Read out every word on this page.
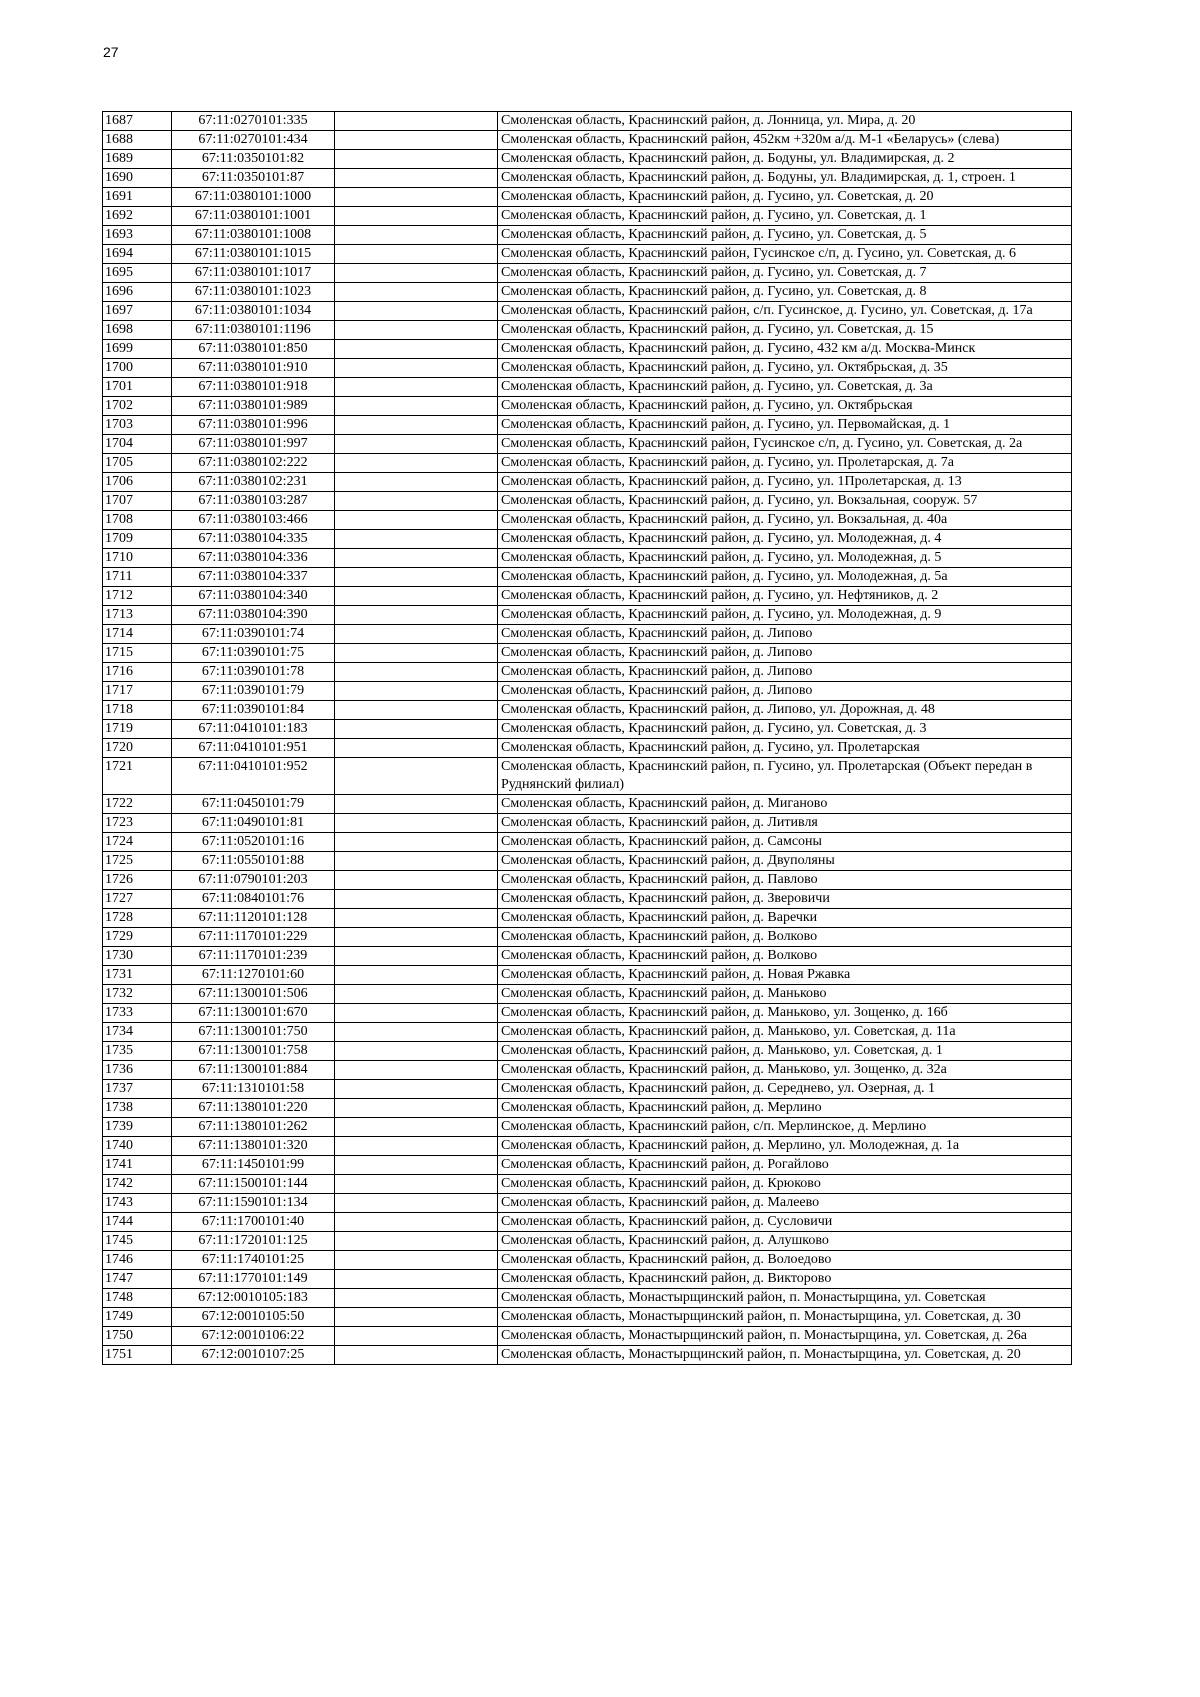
27
1687	67:11:0270101:335		Смоленская область, Краснинский район, д. Лонница, ул. Мира, д. 20
1688	67:11:0270101:434		Смоленская область, Краснинский район, 452км +320м а/д. М-1 «Беларусь» (слева)
1689	67:11:0350101:82		Смоленская область, Краснинский район, д. Бодуны, ул. Владимирская, д. 2
1690	67:11:0350101:87		Смоленская область, Краснинский район, д. Бодуны, ул. Владимирская, д. 1, строен. 1
1691	67:11:0380101:1000		Смоленская область, Краснинский район, д. Гусино, ул. Советская, д. 20
1692	67:11:0380101:1001		Смоленская область, Краснинский район, д. Гусино, ул. Советская, д. 1
1693	67:11:0380101:1008		Смоленская область, Краснинский район, д. Гусино, ул. Советская, д. 5
1694	67:11:0380101:1015		Смоленская область, Краснинский район, Гусинское с/п, д. Гусино, ул. Советская, д. 6
1695	67:11:0380101:1017		Смоленская область, Краснинский район, д. Гусино, ул. Советская, д. 7
1696	67:11:0380101:1023		Смоленская область, Краснинский район, д. Гусино, ул. Советская, д. 8
1697	67:11:0380101:1034		Смоленская область, Краснинский район, с/п. Гусинское, д. Гусино, ул. Советская, д. 17а
1698	67:11:0380101:1196		Смоленская область, Краснинский район, д. Гусино, ул. Советская, д. 15
1699	67:11:0380101:850		Смоленская область, Краснинский район, д. Гусино, 432 км а/д. Москва-Минск
1700	67:11:0380101:910		Смоленская область, Краснинский район, д. Гусино, ул. Октябрьская, д. 35
1701	67:11:0380101:918		Смоленская область, Краснинский район, д. Гусино, ул. Советская, д. 3а
1702	67:11:0380101:989		Смоленская область, Краснинский район, д. Гусино, ул. Октябрьская
1703	67:11:0380101:996		Смоленская область, Краснинский район, д. Гусино, ул. Первомайская, д. 1
1704	67:11:0380101:997		Смоленская область, Краснинский район, Гусинское с/п, д. Гусино, ул. Советская, д. 2а
1705	67:11:0380102:222		Смоленская область, Краснинский район, д. Гусино, ул. Пролетарская, д. 7а
1706	67:11:0380102:231		Смоленская область, Краснинский район, д. Гусино, ул. 1Пролетарская, д. 13
1707	67:11:0380103:287		Смоленская область, Краснинский район, д. Гусино, ул. Вокзальная, сооруж. 57
1708	67:11:0380103:466		Смоленская область, Краснинский район, д. Гусино, ул. Вокзальная, д. 40а
1709	67:11:0380104:335		Смоленская область, Краснинский район, д. Гусино, ул. Молодежная, д. 4
1710	67:11:0380104:336		Смоленская область, Краснинский район, д. Гусино, ул. Молодежная, д. 5
1711	67:11:0380104:337		Смоленская область, Краснинский район, д. Гусино, ул. Молодежная, д. 5а
1712	67:11:0380104:340		Смоленская область, Краснинский район, д. Гусино, ул. Нефтяников, д. 2
1713	67:11:0380104:390		Смоленская область, Краснинский район, д. Гусино, ул. Молодежная, д. 9
1714	67:11:0390101:74		Смоленская область, Краснинский район, д. Липово
1715	67:11:0390101:75		Смоленская область, Краснинский район, д. Липово
1716	67:11:0390101:78		Смоленская область, Краснинский район, д. Липово
1717	67:11:0390101:79		Смоленская область, Краснинский район, д. Липово
1718	67:11:0390101:84		Смоленская область, Краснинский район, д. Липово, ул. Дорожная, д. 48
1719	67:11:0410101:183		Смоленская область, Краснинский район, д. Гусино, ул. Советская, д. 3
1720	67:11:0410101:951		Смоленская область, Краснинский район, д. Гусино, ул. Пролетарская
1721	67:11:0410101:952		Смоленская область, Краснинский район, п. Гусино, ул. Пролетарская (Объект передан в Руднянский филиал)
1722	67:11:0450101:79		Смоленская область, Краснинский район, д. Миганово
1723	67:11:0490101:81		Смоленская область, Краснинский район, д. Литивля
1724	67:11:0520101:16		Смоленская область, Краснинский район, д. Самсоны
1725	67:11:0550101:88		Смоленская область, Краснинский район, д. Двуполяны
1726	67:11:0790101:203		Смоленская область, Краснинский район, д. Павлово
1727	67:11:0840101:76		Смоленская область, Краснинский район, д. Зверовичи
1728	67:11:1120101:128		Смоленская область, Краснинский район, д. Варечки
1729	67:11:1170101:229		Смоленская область, Краснинский район, д. Волково
1730	67:11:1170101:239		Смоленская область, Краснинский район, д. Волково
1731	67:11:1270101:60		Смоленская область, Краснинский район, д. Новая Ржавка
1732	67:11:1300101:506		Смоленская область, Краснинский район, д. Маньково
1733	67:11:1300101:670		Смоленская область, Краснинский район, д. Маньково, ул. Зощенко, д. 16б
1734	67:11:1300101:750		Смоленская область, Краснинский район, д. Маньково, ул. Советская, д. 11а
1735	67:11:1300101:758		Смоленская область, Краснинский район, д. Маньково, ул. Советская, д. 1
1736	67:11:1300101:884		Смоленская область, Краснинский район, д. Маньково, ул. Зощенко, д. 32а
1737	67:11:1310101:58		Смоленская область, Краснинский район, д. Середнево, ул. Озерная, д. 1
1738	67:11:1380101:220		Смоленская область, Краснинский район, д. Мерлино
1739	67:11:1380101:262		Смоленская область, Краснинский район, с/п. Мерлинское, д. Мерлино
1740	67:11:1380101:320		Смоленская область, Краснинский район, д. Мерлино, ул. Молодежная, д. 1а
1741	67:11:1450101:99		Смоленская область, Краснинский район, д. Рогайлово
1742	67:11:1500101:144		Смоленская область, Краснинский район, д. Крюково
1743	67:11:1590101:134		Смоленская область, Краснинский район, д. Малеево
1744	67:11:1700101:40		Смоленская область, Краснинский район, д. Сусловичи
1745	67:11:1720101:125		Смоленская область, Краснинский район, д. Алушково
1746	67:11:1740101:25		Смоленская область, Краснинский район, д. Волоедово
1747	67:11:1770101:149		Смоленская область, Краснинский район, д. Викторово
1748	67:12:0010105:183		Смоленская область, Монастырщинский район, п. Монастырщина, ул. Советская
1749	67:12:0010105:50		Смоленская область, Монастырщинский район, п. Монастырщина, ул. Советская, д. 30
1750	67:12:0010106:22		Смоленская область, Монастырщинский район, п. Монастырщина, ул. Советская, д. 26а
1751	67:12:0010107:25		Смоленская область, Монастырщинский район, п. Монастырщина, ул. Советская, д. 20
